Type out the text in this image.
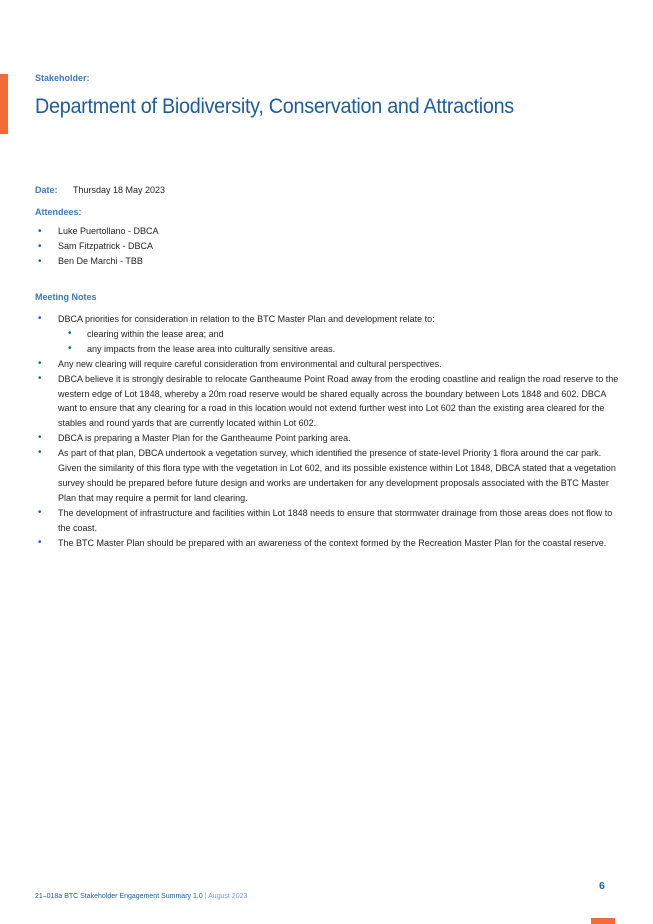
Stakeholder:
Department of Biodiversity, Conservation and Attractions
Date: Thursday 18 May 2023
Attendees:
• Luke Puertollano - DBCA
• Sam Fitzpatrick - DBCA
• Ben De Marchi - TBB
Meeting Notes
• DBCA priorities for consideration in relation to the BTC Master Plan and development relate to:
• clearing within the lease area; and
• any impacts from the lease area into culturally sensitive areas.
• Any new clearing will require careful consideration from environmental and cultural perspectives.
• DBCA believe it is strongly desirable to relocate Gantheaume Point Road away from the eroding coastline and realign the road reserve to the western edge of Lot 1848, whereby a 20m road reserve would be shared equally across the boundary between Lots 1848 and 602. DBCA want to ensure that any clearing for a road in this location would not extend further west into Lot 602 than the existing area cleared for the stables and round yards that are currently located within Lot 602.
• DBCA is preparing a Master Plan for the Gantheaume Point parking area.
• As part of that plan, DBCA undertook a vegetation survey, which identified the presence of state-level Priority 1 flora around the car park. Given the similarity of this flora type with the vegetation in Lot 602, and its possible existence within Lot 1848, DBCA stated that a vegetation survey should be prepared before future design and works are undertaken for any development proposals associated with the BTC Master Plan that may require a permit for land clearing.
• The development of infrastructure and facilities within Lot 1848 needs to ensure that stormwater drainage from those areas does not flow to the coast.
• The BTC Master Plan should be prepared with an awareness of the context formed by the Recreation Master Plan for the coastal reserve.
21–018a BTC Stakeholder Engagement Summary 1.0 | August 2023
6
